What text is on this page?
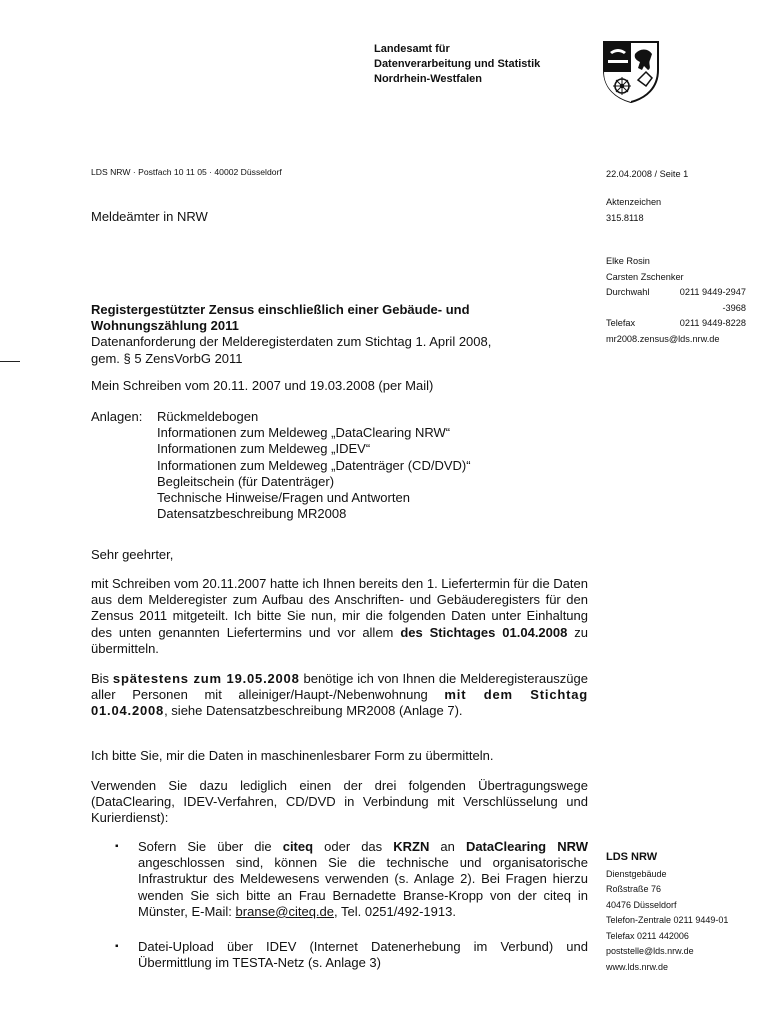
Landesamt für
Datenverarbeitung und Statistik
Nordrhein-Westfalen
LDS NRW · Postfach 10 11 05 · 40002 Düsseldorf
Meldeämter in NRW
22.04.2008 / Seite 1
Aktenzeichen
315.8118
Elke Rosin
Carsten Zschenker
Durchwahl	0211 9449-2947
-3968
Telefax	0211 9449-8228
mr2008.zensus@lds.nrw.de
Registergestützter Zensus einschließlich einer Gebäude- und
Wohnungszählung 2011
Datenanforderung der Melderegisterdaten zum Stichtag 1. April 2008,
gem. § 5 ZensVorbG 2011
Mein Schreiben vom 20.11. 2007 und 19.03.2008 (per Mail)
Anlagen:	Rückmeldebogen
Informationen zum Meldeweg „DataClearing NRW“
Informationen zum Meldeweg „IDEV“
Informationen zum Meldeweg „Datenträger (CD/DVD)“
Begleitschein (für Datenträger)
Technische Hinweise/Fragen und Antworten
Datensatzbeschreibung MR2008
Sehr geehrter,
mit Schreiben vom 20.11.2007 hatte ich Ihnen bereits den 1. Liefertermin für die Daten aus dem Melderegister zum Aufbau des Anschriften- und Gebäuderegisters für den Zensus 2011 mitgeteilt. Ich bitte Sie nun, mir die folgenden Daten unter Einhaltung des unten genannten Liefertermins und vor allem des Stichtages 01.04.2008 zu übermitteln.
Bis spätestens zum 19.05.2008 benötige ich von Ihnen die Melderegisterauszüge aller Personen mit alleiniger/Haupt-/Nebenwohnung mit dem Stichtag 01.04.2008, siehe Datensatzbeschreibung MR2008 (Anlage 7).
Ich bitte Sie, mir die Daten in maschinenlesbarer Form zu übermitteln.
Verwenden Sie dazu lediglich einen der drei folgenden Übertragungswege (DataClearing, IDEV-Verfahren, CD/DVD in Verbindung mit Verschlüsselung und Kurierdienst):
▪	Sofern Sie über die citeq oder das KRZN an DataClearing NRW angeschlossen sind, können Sie die technische und organisatorische Infrastruktur des Meldewesens verwenden (s. Anlage 2). Bei Fragen hierzu wenden Sie sich bitte an Frau Bernadette Branse-Kropp von der citeq in Münster, E-Mail: branse@citeq.de, Tel. 0251/492-1913.
▪	Datei-Upload über IDEV (Internet Datenerhebung im Verbund) und Übermittlung im TESTA-Netz (s. Anlage 3)
LDS NRW
Dienstgebäude
Roßstraße 76
40476 Düsseldorf
Telefon-Zentrale 0211 9449-01
Telefax 0211 442006
poststelle@lds.nrw.de
www.lds.nrw.de
